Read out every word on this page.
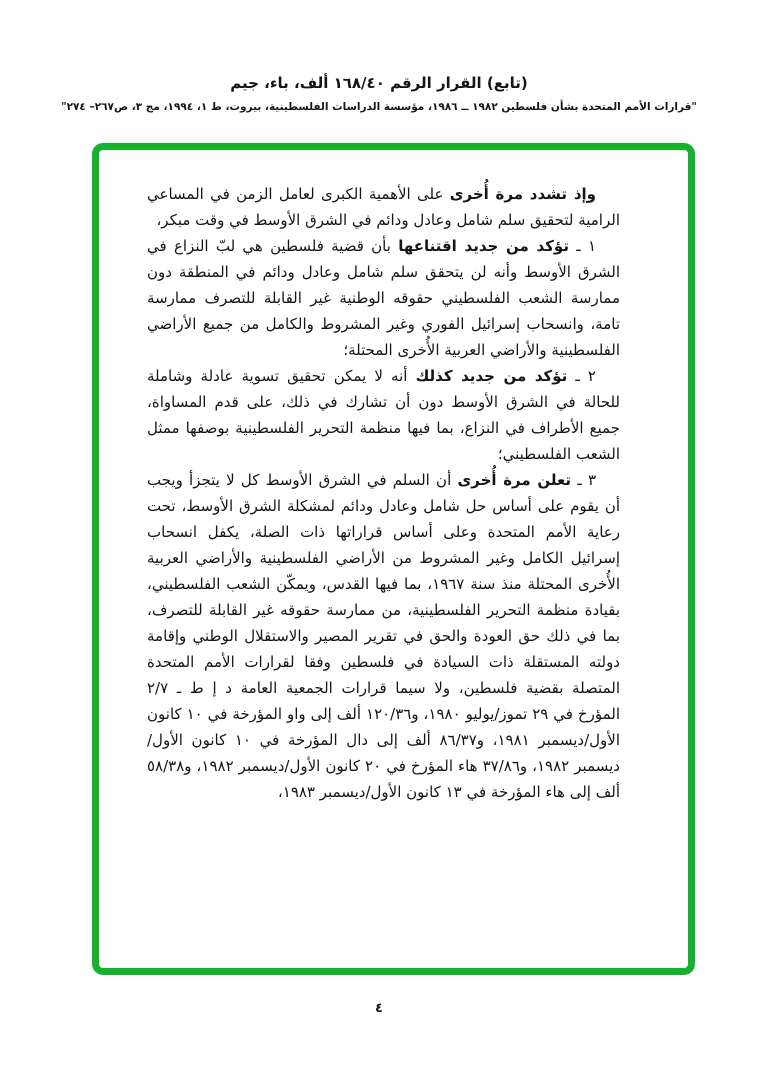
(تابع) القرار الرقم ١٦٨/٤٠ ألف، باء، جيم
"قرارات الأمم المتحدة بشأن فلسطين ١٩٨٢ ــ ١٩٨٦، مؤسسة الدراسات الفلسطينية، بيروت، ط ١، ١٩٩٤، مج ٣، ص٢٦٧– ٢٧٤"

وإذ تشدد مرة أُخرى على الأهمية الكبرى لعامل الزمن في المساعي الرامية لتحقيق سلم شامل وعادل ودائم في الشرق الأوسط في وقت مبكر،

١ ـ تؤكد من جديد اقتناعها بأن قضية فلسطين هي لبّ النزاع في الشرق الأوسط وأنه لن يتحقق سلم شامل وعادل ودائم في المنطقة دون ممارسة الشعب الفلسطيني حقوقه الوطنية غير القابلة للتصرف ممارسة تامة، وانسحاب إسرائيل الفوري وغير المشروط والكامل من جميع الأراضي الفلسطينية والأراضي العربية الأُخرى المحتلة؛

٢ ـ تؤكد من جديد كذلك أنه لا يمكن تحقيق تسوية عادلة وشاملة للحالة في الشرق الأوسط دون أن تشارك في ذلك، على قدم المساواة، جميع الأطراف في النزاع، بما فيها منظمة التحرير الفلسطينية بوصفها ممثل الشعب الفلسطيني؛

٣ ـ تعلن مرة أُخرى أن السلم في الشرق الأوسط كل لا يتجزأ ويجب أن يقوم على أساس حل شامل وعادل ودائم لمشكلة الشرق الأوسط، تحت رعاية الأمم المتحدة وعلى أساس قراراتها ذات الصلة، يكفل انسحاب إسرائيل الكامل وغير المشروط من الأراضي الفلسطينية والأراضي العربية الأُخرى المحتلة منذ سنة ١٩٦٧، بما فيها القدس، ويمكّن الشعب الفلسطيني، بقيادة منظمة التحرير الفلسطينية، من ممارسة حقوقه غير القابلة للتصرف، بما في ذلك حق العودة والحق في تقرير المصير والاستقلال الوطني وإقامة دولته المستقلة ذات السيادة في فلسطين وفقا لقرارات الأمم المتحدة المتصلة بقضية فلسطين، ولا سيما قرارات الجمعية العامة د إ ط ـ ٢/٧ المؤرخ في ٢٩ تموز/يوليو ١٩٨٠، و١٢٠/٣٦ ألف إلى واو المؤرخة في ١٠ كانون الأول/ديسمبر ١٩٨١، و٨٦/٣٧ ألف إلى دال المؤرخة في ١٠ كانون الأول/ديسمبر ١٩٨٢، و٣٧/٨٦ هاء المؤرخ في ٢٠ كانون الأول/ديسمبر ١٩٨٢، و٥٨/٣٨ ألف إلى هاء المؤرخة في ١٣ كانون الأول/ديسمبر ١٩٨٣،

٤
